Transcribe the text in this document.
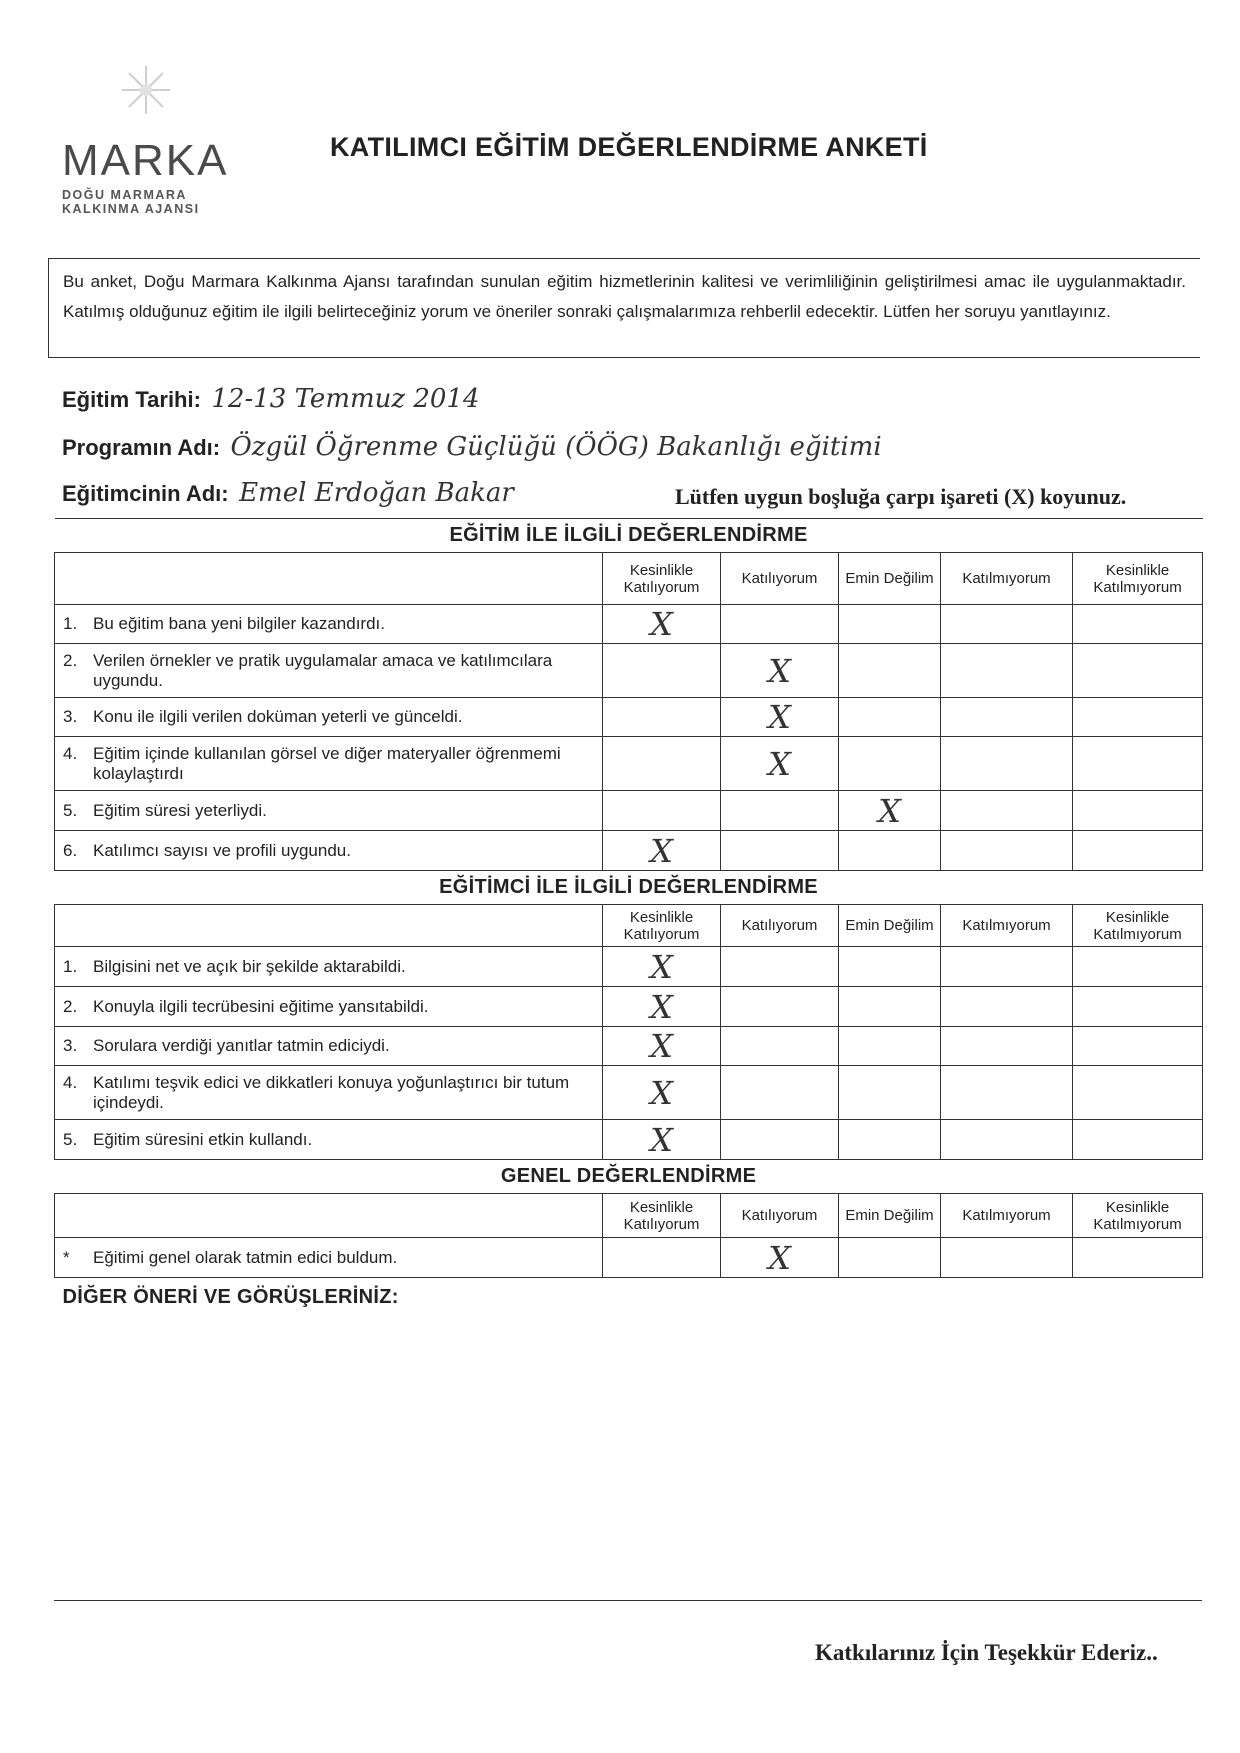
MARKA
DOĞU MARMARA
KALKINMA AJANSI
KATILIMCI EĞİTİM DEĞERLENDİRME ANKETİ
Bu anket, Doğu Marmara Kalkınma Ajansı tarafından sunulan eğitim hizmetlerinin kalitesi ve verimliliğinin geliştirilmesi amac ile uygulanmaktadır. Katılmış olduğunuz eğitim ile ilgili belirteceğiniz yorum ve öneriler sonraki çalışmalarımıza rehberlil edecektir. Lütfen her soruyu yanıtlayınız.
Eğitim Tarihi: 12-13 Temmuz 2014
Programın Adı: Özgül Öğrenme Güçlüğü (ÖÖG) Bakanlığı eğitimi
Eğitimcinin Adı: Emel Erdoğan Bakar	Lütfen uygun boşluğa çarpı işareti (X) koyunuz.
EĞİTİM İLE İLGİLİ DEĞERLENDİRME					
	Kesinlikle Katılıyorum	Katılıyorum	Emin Değilim	Katılmıyorum	Kesinlikle Katılmıyorum
1. Bu eğitim bana yeni bilgiler kazandırdı.	X				

2. Verilen örnekler ve pratik uygulamalar amaca ve katılımcılara uygundu.		X			
3. Konu ile ilgili verilen doküman yeterli ve günceldi.		X			

4. Eğitim içinde kullanılan görsel ve diğer materyaller öğrenmemi kolaylaştırdı		X			
5. Eğitim süresi yeterliydi.			X		
6. Katılımcı sayısı ve profili uygundu.	X				
EĞİTİMCİ İLE İLGİLİ DEĞERLENDİRME					
	Kesinlikle Katılıyorum	Katılıyorum	Emin Değilim	Katılmıyorum	Kesinlikle Katılmıyorum
1. Bilgisini net ve açık bir şekilde aktarabildi.	X				
2. Konuyla ilgili tecrübesini eğitime yansıtabildi.	X				
3. Sorulara verdiği yanıtlar tatmin ediciydi.	X				

4. Katılımı teşvik edici ve dikkatleri konuya yoğunlaştırıcı bir tutum içindeydi.	X				
5. Eğitim süresini etkin kullandı.	X				
GENEL DEĞERLENDİRME					
	Kesinlikle Katılıyorum	Katılıyorum	Emin Değilim	Katılmıyorum	Kesinlikle Katılmıyorum
* Eğitimi genel olarak tatmin edici buldum.		X			
DİĞER ÖNERİ VE GÖRÜŞLERİNİZ:					
Katkılarınız İçin Teşekkür Ederiz..
